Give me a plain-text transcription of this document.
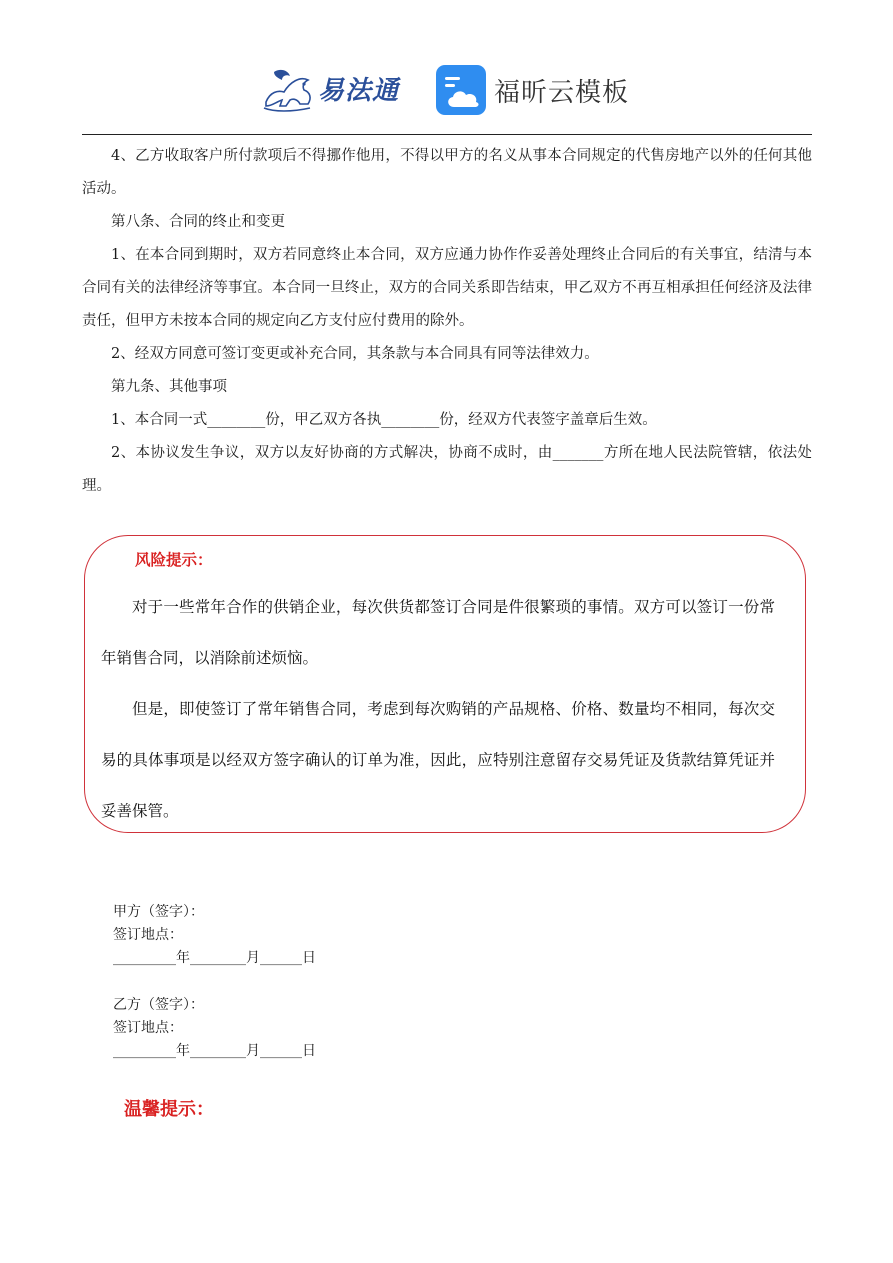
易法通	福昕云模板

4、乙方收取客户所付款项后不得挪作他用，不得以甲方的名义从事本合同规定的代售房地产以外的任何其他活动。

第八条、合同的终止和变更

1、在本合同到期时，双方若同意终止本合同，双方应通力协作作妥善处理终止合同后的有关事宜，结清与本合同有关的法律经济等事宜。本合同一旦终止，双方的合同关系即告结束，甲乙双方不再互相承担任何经济及法律责任，但甲方未按本合同的规定向乙方支付应付费用的除外。

2、经双方同意可签订变更或补充合同，其条款与本合同具有同等法律效力。

第九条、其他事项

1、本合同一式________份，甲乙双方各执________份，经双方代表签字盖章后生效。

2、本协议发生争议，双方以友好协商的方式解决，协商不成时，由_______方所在地人民法院管辖，依法处理。

风险提示：

对于一些常年合作的供销企业，每次供货都签订合同是件很繁琐的事情。双方可以签订一份常年销售合同，以消除前述烦恼。

但是，即使签订了常年销售合同，考虑到每次购销的产品规格、价格、数量均不相同，每次交易的具体事项是以经双方签字确认的订单为准，因此，应特别注意留存交易凭证及货款结算凭证并妥善保管。

甲方（签字）：
签订地点：
_________年________月______日
乙方（签字）：
签订地点：
_________年________月______日
温馨提示：
